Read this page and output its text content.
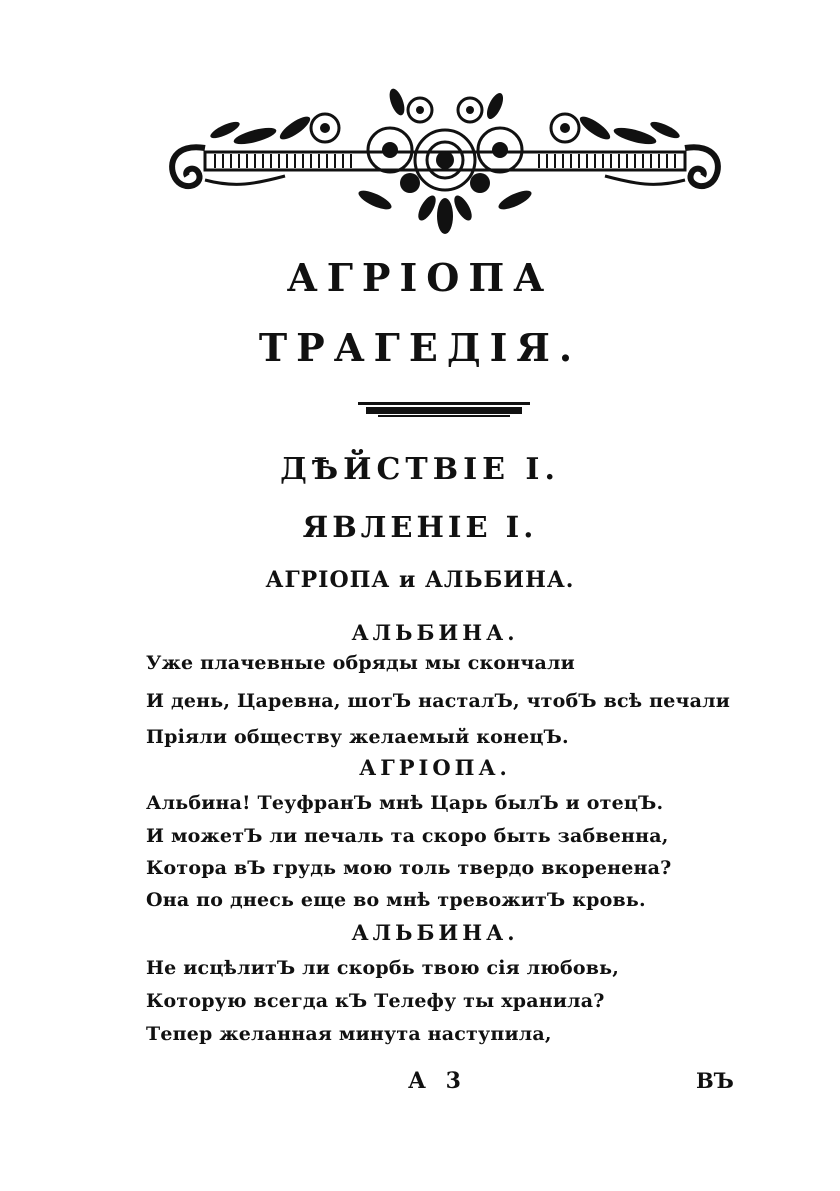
АГРІОПА
ТРАГЕДІЯ.
ДѢЙСТВІЕ I.
ЯВЛЕНІЕ I.
АГРІОПА и АЛЬБИНА.
АЛЬБИНА.
Уже плачевные обряды мы скончали
И день, Царевна, шотЪ насталЪ, чтобЪ всѣ печали
Пріяли обществу желаемый конецЪ.
АГРІОПА.
Альбина! ТеуфранЪ мнѣ Царь былЪ и отецЪ.
И можетЪ ли печаль та скоро быть забвенна,
Котора вЪ грудь мою толь твердо вкоренена?
Она по днесь еще во мнѣ тревожитЪ кровь.
АЛЬБИНА.
Не исцѣлитЪ ли скорбь твою сія любовь,
Которую всегда кЪ Телефу ты хранила?
Тепер желанная минута наступила,
А 3	ВЪ
